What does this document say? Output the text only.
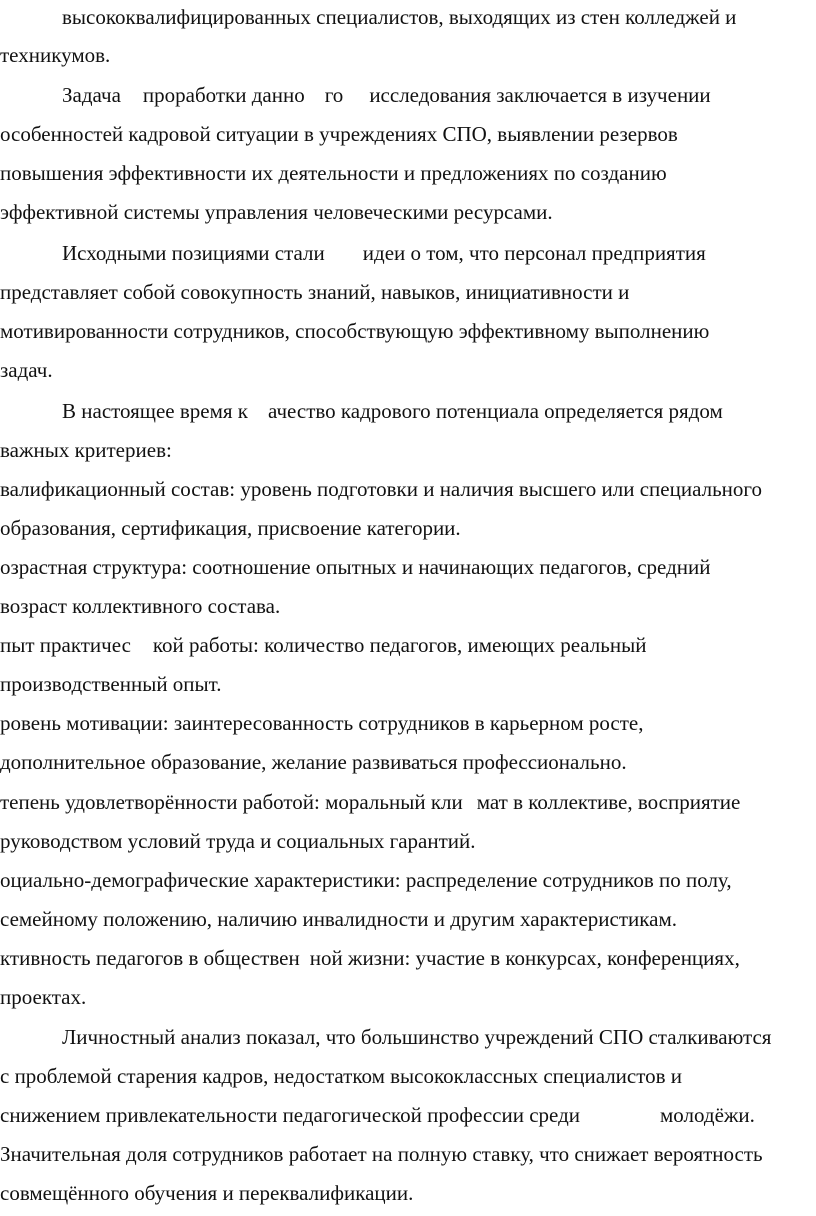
высококвалифицированных специалистов, выходящих из стен колледжей и
техникумов.
Задача проработки данно го исследования заключается в изучении
особенностей кадровой ситуации в учреждениях СПО, выявлении резервов
повышения эффективности их деятельности и предложениях по созданию
эффективной системы управления человеческими ресурсами.
Исходными позициями стали идеи о том, что персонал предприятия
представляет собой совокупность знаний, навыков, инициативности и
мотивированности сотрудников, способствующую эффективному выполнению
задач.
В настоящее время к ачество кадрового потенциала определяется рядом
важных критериев:
валификационный состав: уровень подготовки и наличия высшего или специального
образования, сертификация, присвоение категории.
озрастная структура: соотношение опытных и начинающих педагогов, средний
возраст коллективного состава.
пыт практичес кой работы: количество педагогов, имеющих реальный
производственный опыт.
ровень мотивации: заинтересованность сотрудников в карьерном росте,
дополнительное образование, желание развиваться профессионально.
тепень удовлетворённости работой: моральный кли мат в коллективе, восприятие
руководством условий труда и социальных гарантий.
оциально-демографические характеристики: распределение сотрудников по полу,
семейному положению, наличию инвалидности и другим характеристикам.
ктивность педагогов в обществен ной жизни: участие в конкурсах, конференциях,
проектах.
Личностный анализ показал, что большинство учреждений СПО сталкиваются
с проблемой старения кадров, недостатком высококлассных специалистов и
снижением привлекательности педагогической профессии среди	молодёжи.
Значительная доля сотрудников работает на полную ставку, что снижает вероятность
совмещённого обучения и переквалификации.
